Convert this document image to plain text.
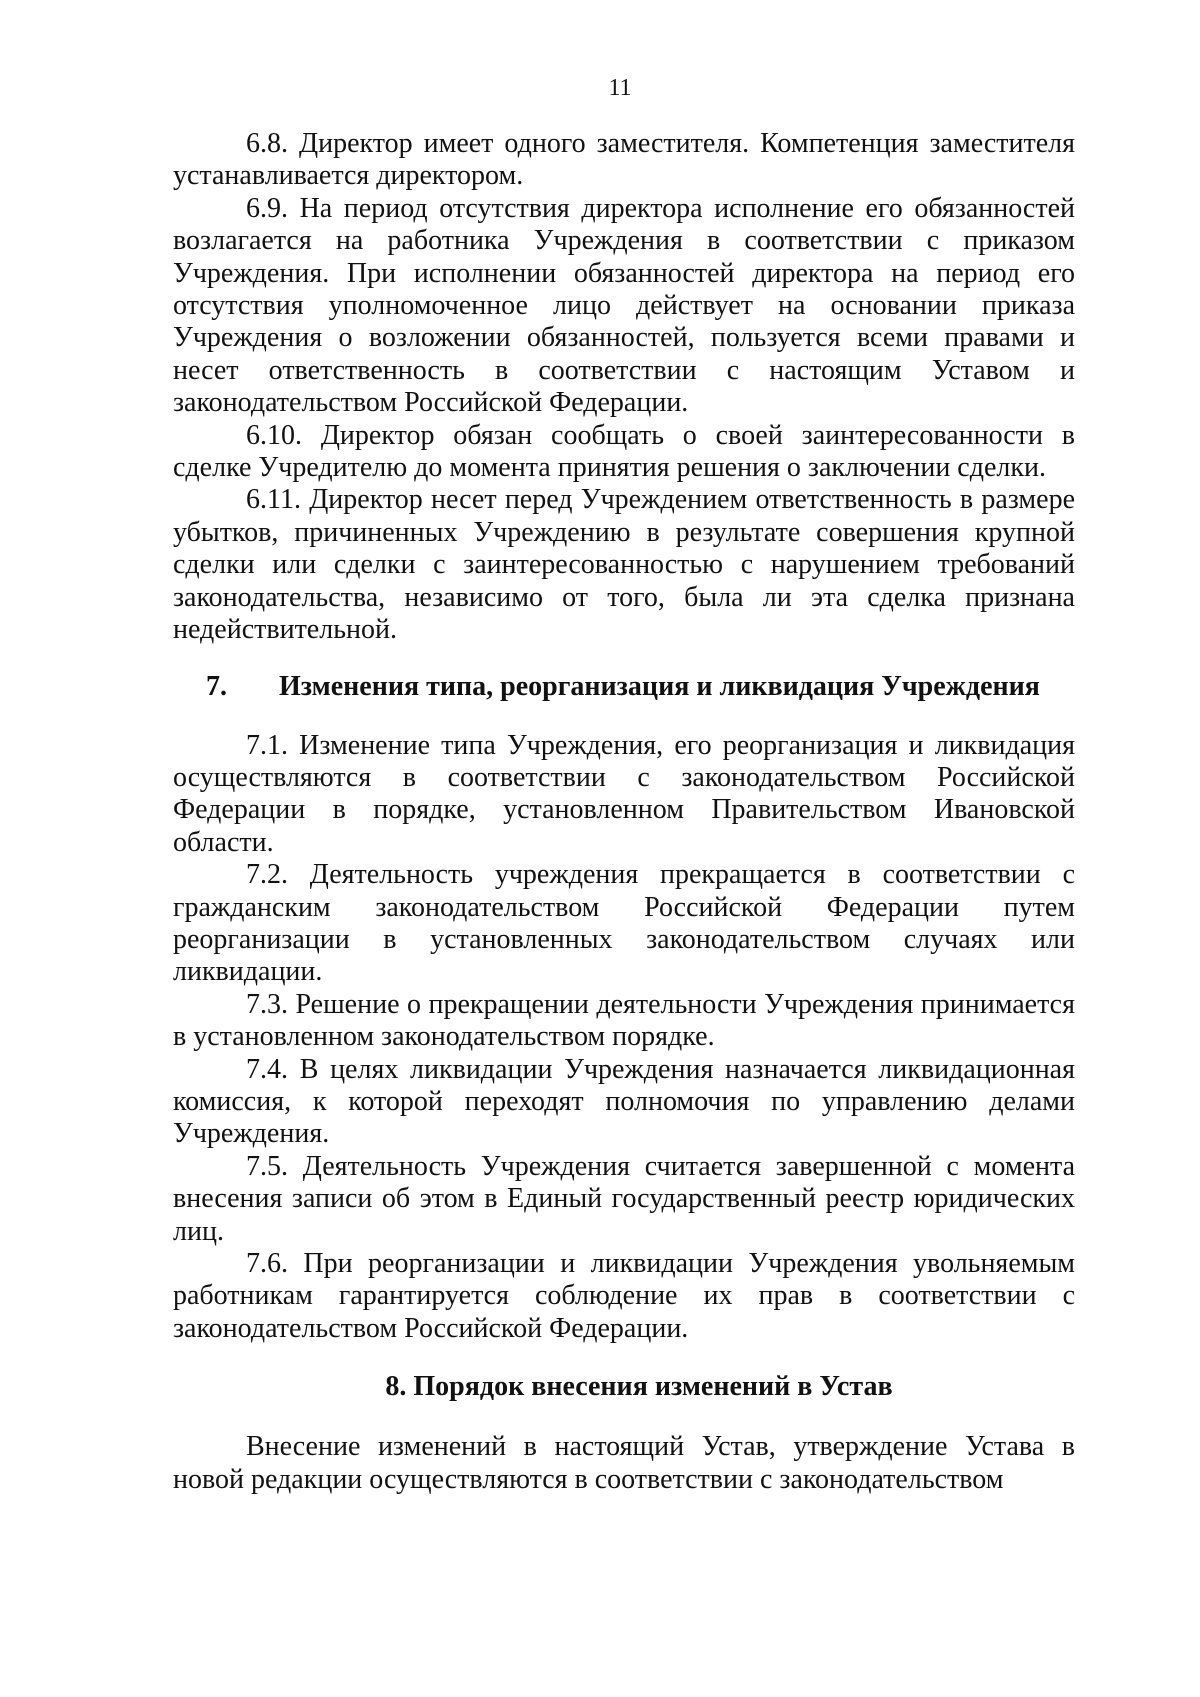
11

6.8. Директор имеет одного заместителя. Компетенция заместителя устанавливается директором.

6.9. На период отсутствия директора исполнение его обязанностей возлагается на работника Учреждения в соответствии с приказом Учреждения. При исполнении обязанностей директора на период его отсутствия уполномоченное лицо действует на основании приказа Учреждения о возложении обязанностей, пользуется всеми правами и несет ответственность в соответствии с настоящим Уставом и законодательством Российской Федерации.

6.10. Директор обязан сообщать о своей заинтересованности в сделке Учредителю до момента принятия решения о заключении сделки.

6.11. Директор несет перед Учреждением ответственность в размере убытков, причиненных Учреждению в результате совершения крупной сделки или сделки с заинтересованностью с нарушением требований законодательства, независимо от того, была ли эта сделка признана недействительной.

7. Изменения типа, реорганизация и ликвидация Учреждения

7.1. Изменение типа Учреждения, его реорганизация и ликвидация осуществляются в соответствии с законодательством Российской Федерации в порядке, установленном Правительством Ивановской области.

7.2. Деятельность учреждения прекращается в соответствии с гражданским законодательством Российской Федерации путем реорганизации в установленных законодательством случаях или ликвидации.

7.3. Решение о прекращении деятельности Учреждения принимается в установленном законодательством порядке.

7.4. В целях ликвидации Учреждения назначается ликвидационная комиссия, к которой переходят полномочия по управлению делами Учреждения.

7.5. Деятельность Учреждения считается завершенной с момента внесения записи об этом в Единый государственный реестр юридических лиц.

7.6. При реорганизации и ликвидации Учреждения увольняемым работникам гарантируется соблюдение их прав в соответствии с законодательством Российской Федерации.

8. Порядок внесения изменений в Устав

Внесение изменений в настоящий Устав, утверждение Устава в новой редакции осуществляются в соответствии с законодательством
